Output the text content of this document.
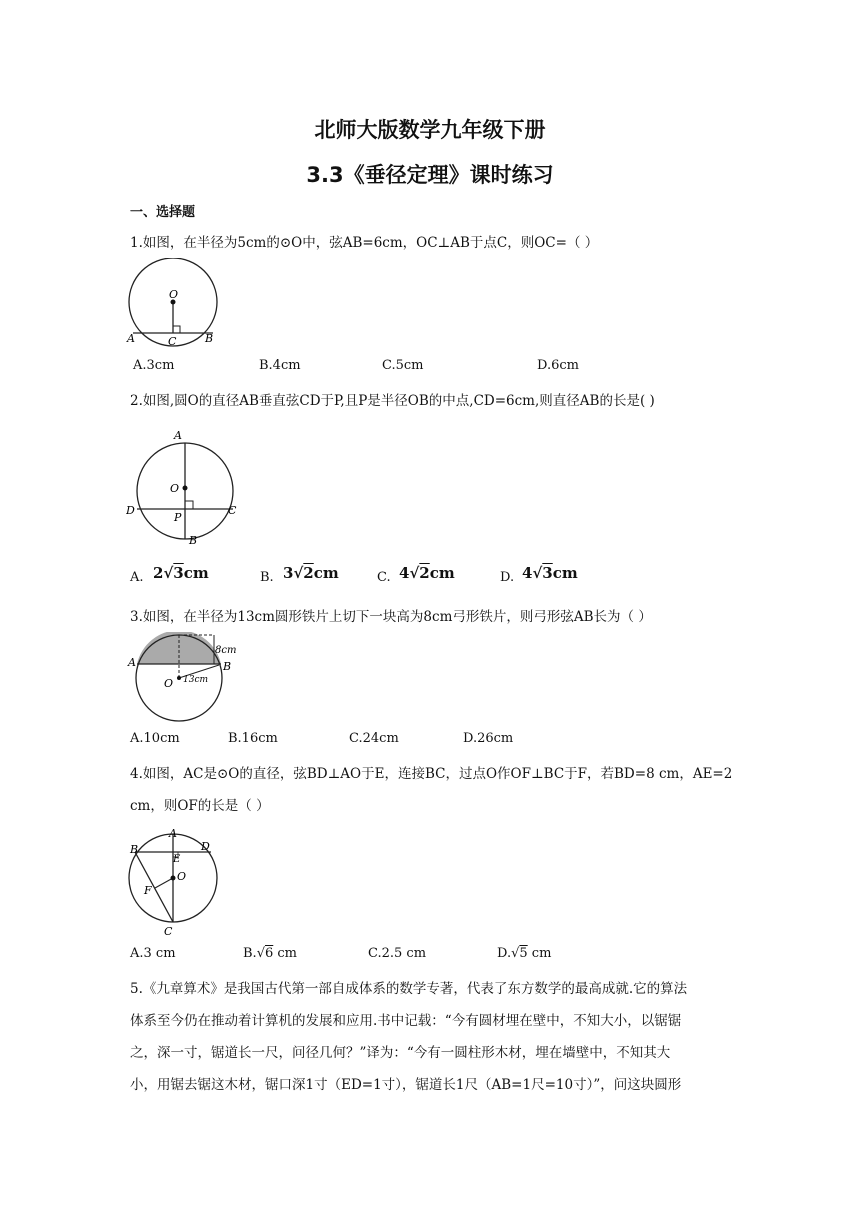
北师大版数学九年级下册
3.3《垂径定理》课时练习
一、选择题
1.如图，在半径为5cm的⊙O中，弦AB=6cm，OC⊥AB于点C，则OC=（ ）
O
A	B
C
A.3cm	B.4cm	C.5cm	D.6cm
2.如图,圆O的直径AB垂直弦CD于P,且P是半径OB的中点,CD=6cm,则直径AB的长是( )
A
O
D	C
P
B
A. 2√3cm	B. 3√2cm	C. 4√2cm	D. 4√3cm
3.如图，在半径为13cm圆形铁片上切下一块高为8cm弓形铁片，则弓形弦AB长为（ ）
A	B
8cm
O 13cm
A.10cm	B.16cm	C.24cm	D.26cm
4.如图，AC是⊙O的直径，弦BD⊥AO于E，连接BC，过点O作OF⊥BC于F，若BD=8 cm，AE=2
cm，则OF的长是（ ）
A
B	D
E
O
F
C
A.3 cm	B.√6 cm	C.2.5 cm	D.√5 cm
5.《九章算术》是我国古代第一部自成体系的数学专著，代表了东方数学的最高成就.它的算法
体系至今仍在推动着计算机的发展和应用.书中记载：“今有圆材埋在壁中，不知大小，以锯锯
之，深一寸，锯道长一尺，问径几何？”译为：“今有一圆柱形木材，埋在墙壁中，不知其大
小，用锯去锯这木材，锯口深1寸（ED=1寸），锯道长1尺（AB=1尺=10寸）”，问这块圆形
